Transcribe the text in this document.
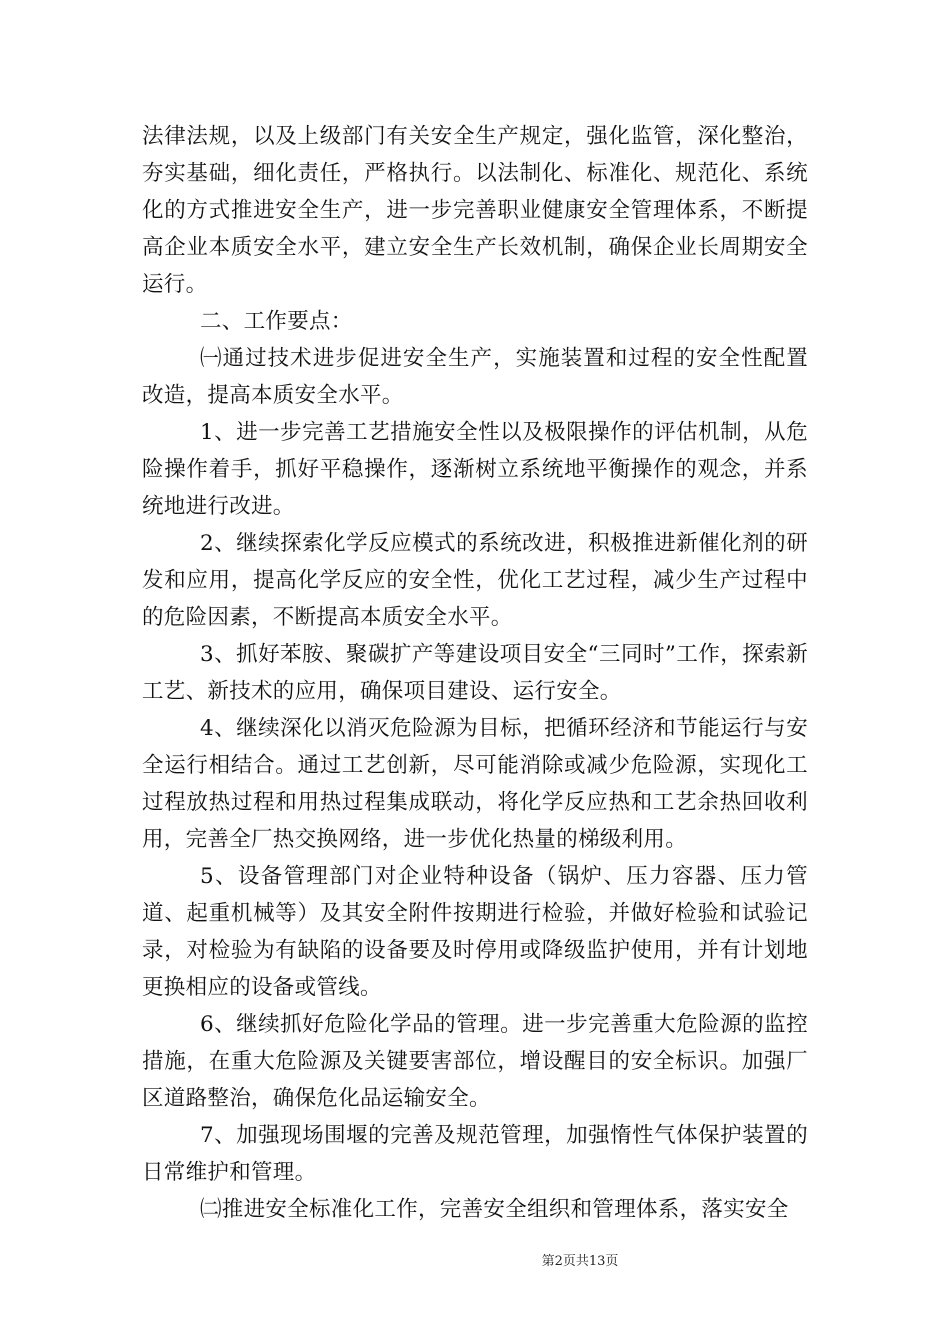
法律法规，以及上级部门有关安全生产规定，强化监管，深化整治，夯实基础，细化责任，严格执行。以法制化、标准化、规范化、系统化的方式推进安全生产，进一步完善职业健康安全管理体系，不断提高企业本质安全水平，建立安全生产长效机制，确保企业长周期安全运行。

二、工作要点：

㈠通过技术进步促进安全生产，实施装置和过程的安全性配置改造，提高本质安全水平。

1、进一步完善工艺措施安全性以及极限操作的评估机制，从危险操作着手，抓好平稳操作，逐渐树立系统地平衡操作的观念，并系统地进行改进。

2、继续探索化学反应模式的系统改进，积极推进新催化剂的研发和应用，提高化学反应的安全性，优化工艺过程，减少生产过程中的危险因素，不断提高本质安全水平。

3、抓好苯胺、聚碳扩产等建设项目安全“三同时”工作，探索新工艺、新技术的应用，确保项目建设、运行安全。

4、继续深化以消灭危险源为目标，把循环经济和节能运行与安全运行相结合。通过工艺创新，尽可能消除或减少危险源，实现化工过程放热过程和用热过程集成联动，将化学反应热和工艺余热回收利用，完善全厂热交换网络，进一步优化热量的梯级利用。

5、设备管理部门对企业特种设备（锅炉、压力容器、压力管道、起重机械等）及其安全附件按期进行检验，并做好检验和试验记录，对检验为有缺陷的设备要及时停用或降级监护使用，并有计划地更换相应的设备或管线。

6、继续抓好危险化学品的管理。进一步完善重大危险源的监控措施，在重大危险源及关键要害部位，增设醒目的安全标识。加强厂区道路整治，确保危化品运输安全。

7、加强现场围堰的完善及规范管理，加强惰性气体保护装置的日常维护和管理。

㈡推进安全标准化工作，完善安全组织和管理体系，落实安全

第2页共13页
